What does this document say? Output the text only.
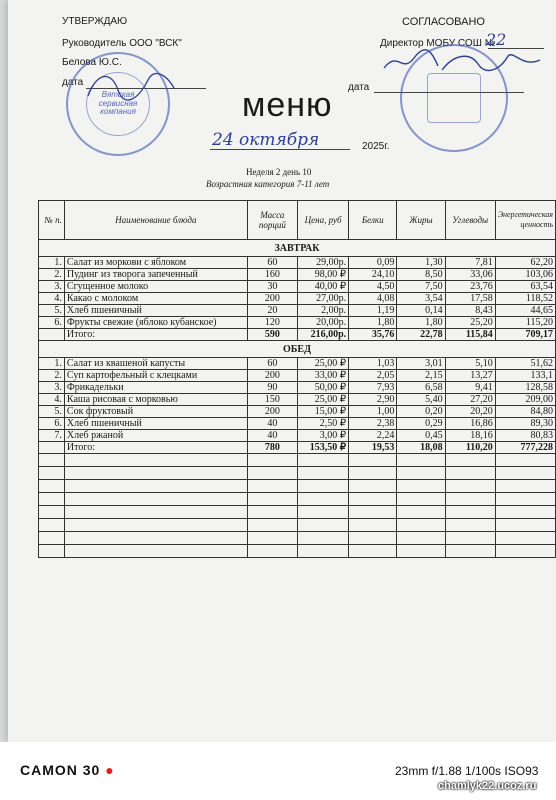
УТВЕРЖДАЮ
Руководитель ООО "ВСК"
Белова Ю.С.
дата
СОГЛАСОВАНО
Директор МОБУ СОШ №
22
дата
Вятская сервисная компания	меню
24 октября	2025г.
Неделя 2 день 10
Возрастная категория 7-11 лет
№ п.	Наименование блюда	Масса порций	Цена, руб	Белки	Жиры	Углеводы	Энергетическая ценность
ЗАВТРАК							
1.	Салат из моркови с яблоком	60	29,00р.	0,09	1,30	7,81	62,20
2.	Пудинг из творога запеченный	160	98,00 ₽	24,10	8,50	33,06	103,06
3.	Сгущенное молоко	30	40,00 ₽	4,50	7,50	23,76	63,54
4.	Какао с молоком	200	27,00р.	4,08	3,54	17,58	118,52
5.	Хлеб пшеничный	20	2,00р.	1,19	0,14	8,43	44,65
6.	Фрукты свежие (яблоко кубанское)	120	20,00р.	1,80	1,80	25,20	115,20
	Итого:	590	216,00р.	35,76	22,78	115,84	709,17
ОБЕД							
1.	Салат из квашеной капусты	60	25,00 ₽	1,03	3,01	5,10	51,62
2.	Суп картофельный с клецками	200	33,00 ₽	2,05	2,15	13,27	133,1
3.	Фрикадельки	90	50,00 ₽	7,93	6,58	9,41	128,58
4.	Каша рисовая с морковью	150	25,00 ₽	2,90	5,40	27,20	209,00
5.	Сок фруктовый	200	15,00 ₽	1,00	0,20	20,20	84,80
6.	Хлеб пшеничный	40	2,50 ₽	2,38	0,29	16,86	89,30
7.	Хлеб ржаной	40	3,00 ₽	2,24	0,45	18,16	80,83
	Итого:	780	153,50 ₽	19,53	18,08	110,20	777,228

CAMON 30 ●	23mm f/1.88 1/100s ISO93
chamlyk22.ucoz.ru
